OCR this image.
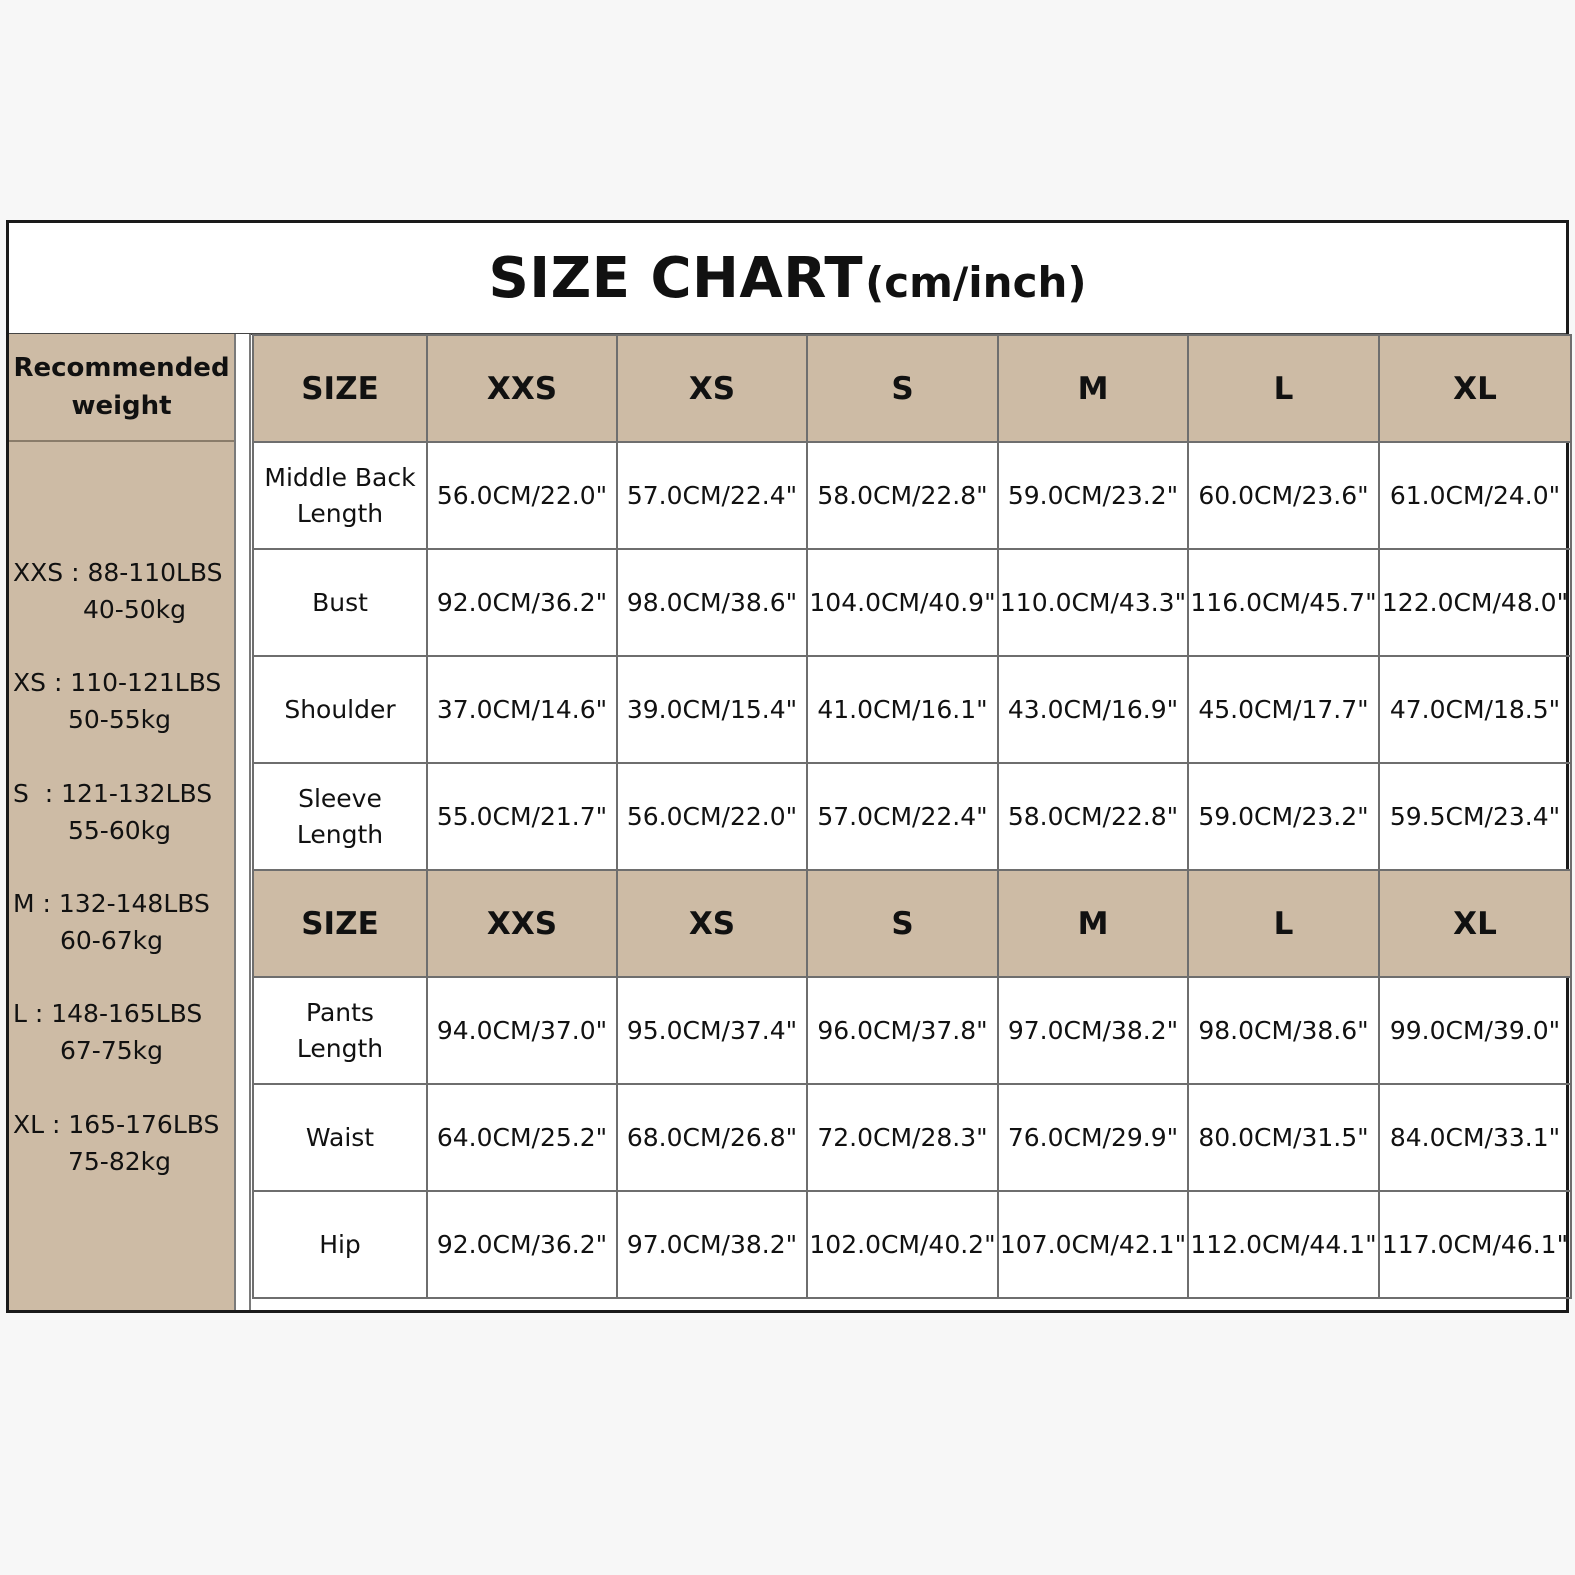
SIZE CHART (cm/inch)
Recommended
weight
XXS : 88-110LBS
40-50kg
XS : 110-121LBS
50-55kg
S  : 121-132LBS
55-60kg
M : 132-148LBS
60-67kg
L : 148-165LBS
67-75kg
XL : 165-176LBS
75-82kg
SIZE	XXS	XS	S	M	L	XL

Middle Back
Length	56.0CM/22.0"	57.0CM/22.4"	58.0CM/22.8"	59.0CM/23.2"	60.0CM/23.6"	61.0CM/24.0"

Bust	92.0CM/36.2"	98.0CM/38.6"	104.0CM/40.9"	110.0CM/43.3"	116.0CM/45.7"	122.0CM/48.0"

Shoulder	37.0CM/14.6"	39.0CM/15.4"	41.0CM/16.1"	43.0CM/16.9"	45.0CM/17.7"	47.0CM/18.5"

Sleeve
Length	55.0CM/21.7"	56.0CM/22.0"	57.0CM/22.4"	58.0CM/22.8"	59.0CM/23.2"	59.5CM/23.4"
SIZE	XXS	XS	S	M	L	XL

Pants
Length	94.0CM/37.0"	95.0CM/37.4"	96.0CM/37.8"	97.0CM/38.2"	98.0CM/38.6"	99.0CM/39.0"

Waist	64.0CM/25.2"	68.0CM/26.8"	72.0CM/28.3"	76.0CM/29.9"	80.0CM/31.5"	84.0CM/33.1"

Hip	92.0CM/36.2"	97.0CM/38.2"	102.0CM/40.2"	107.0CM/42.1"	112.0CM/44.1"	117.0CM/46.1"
